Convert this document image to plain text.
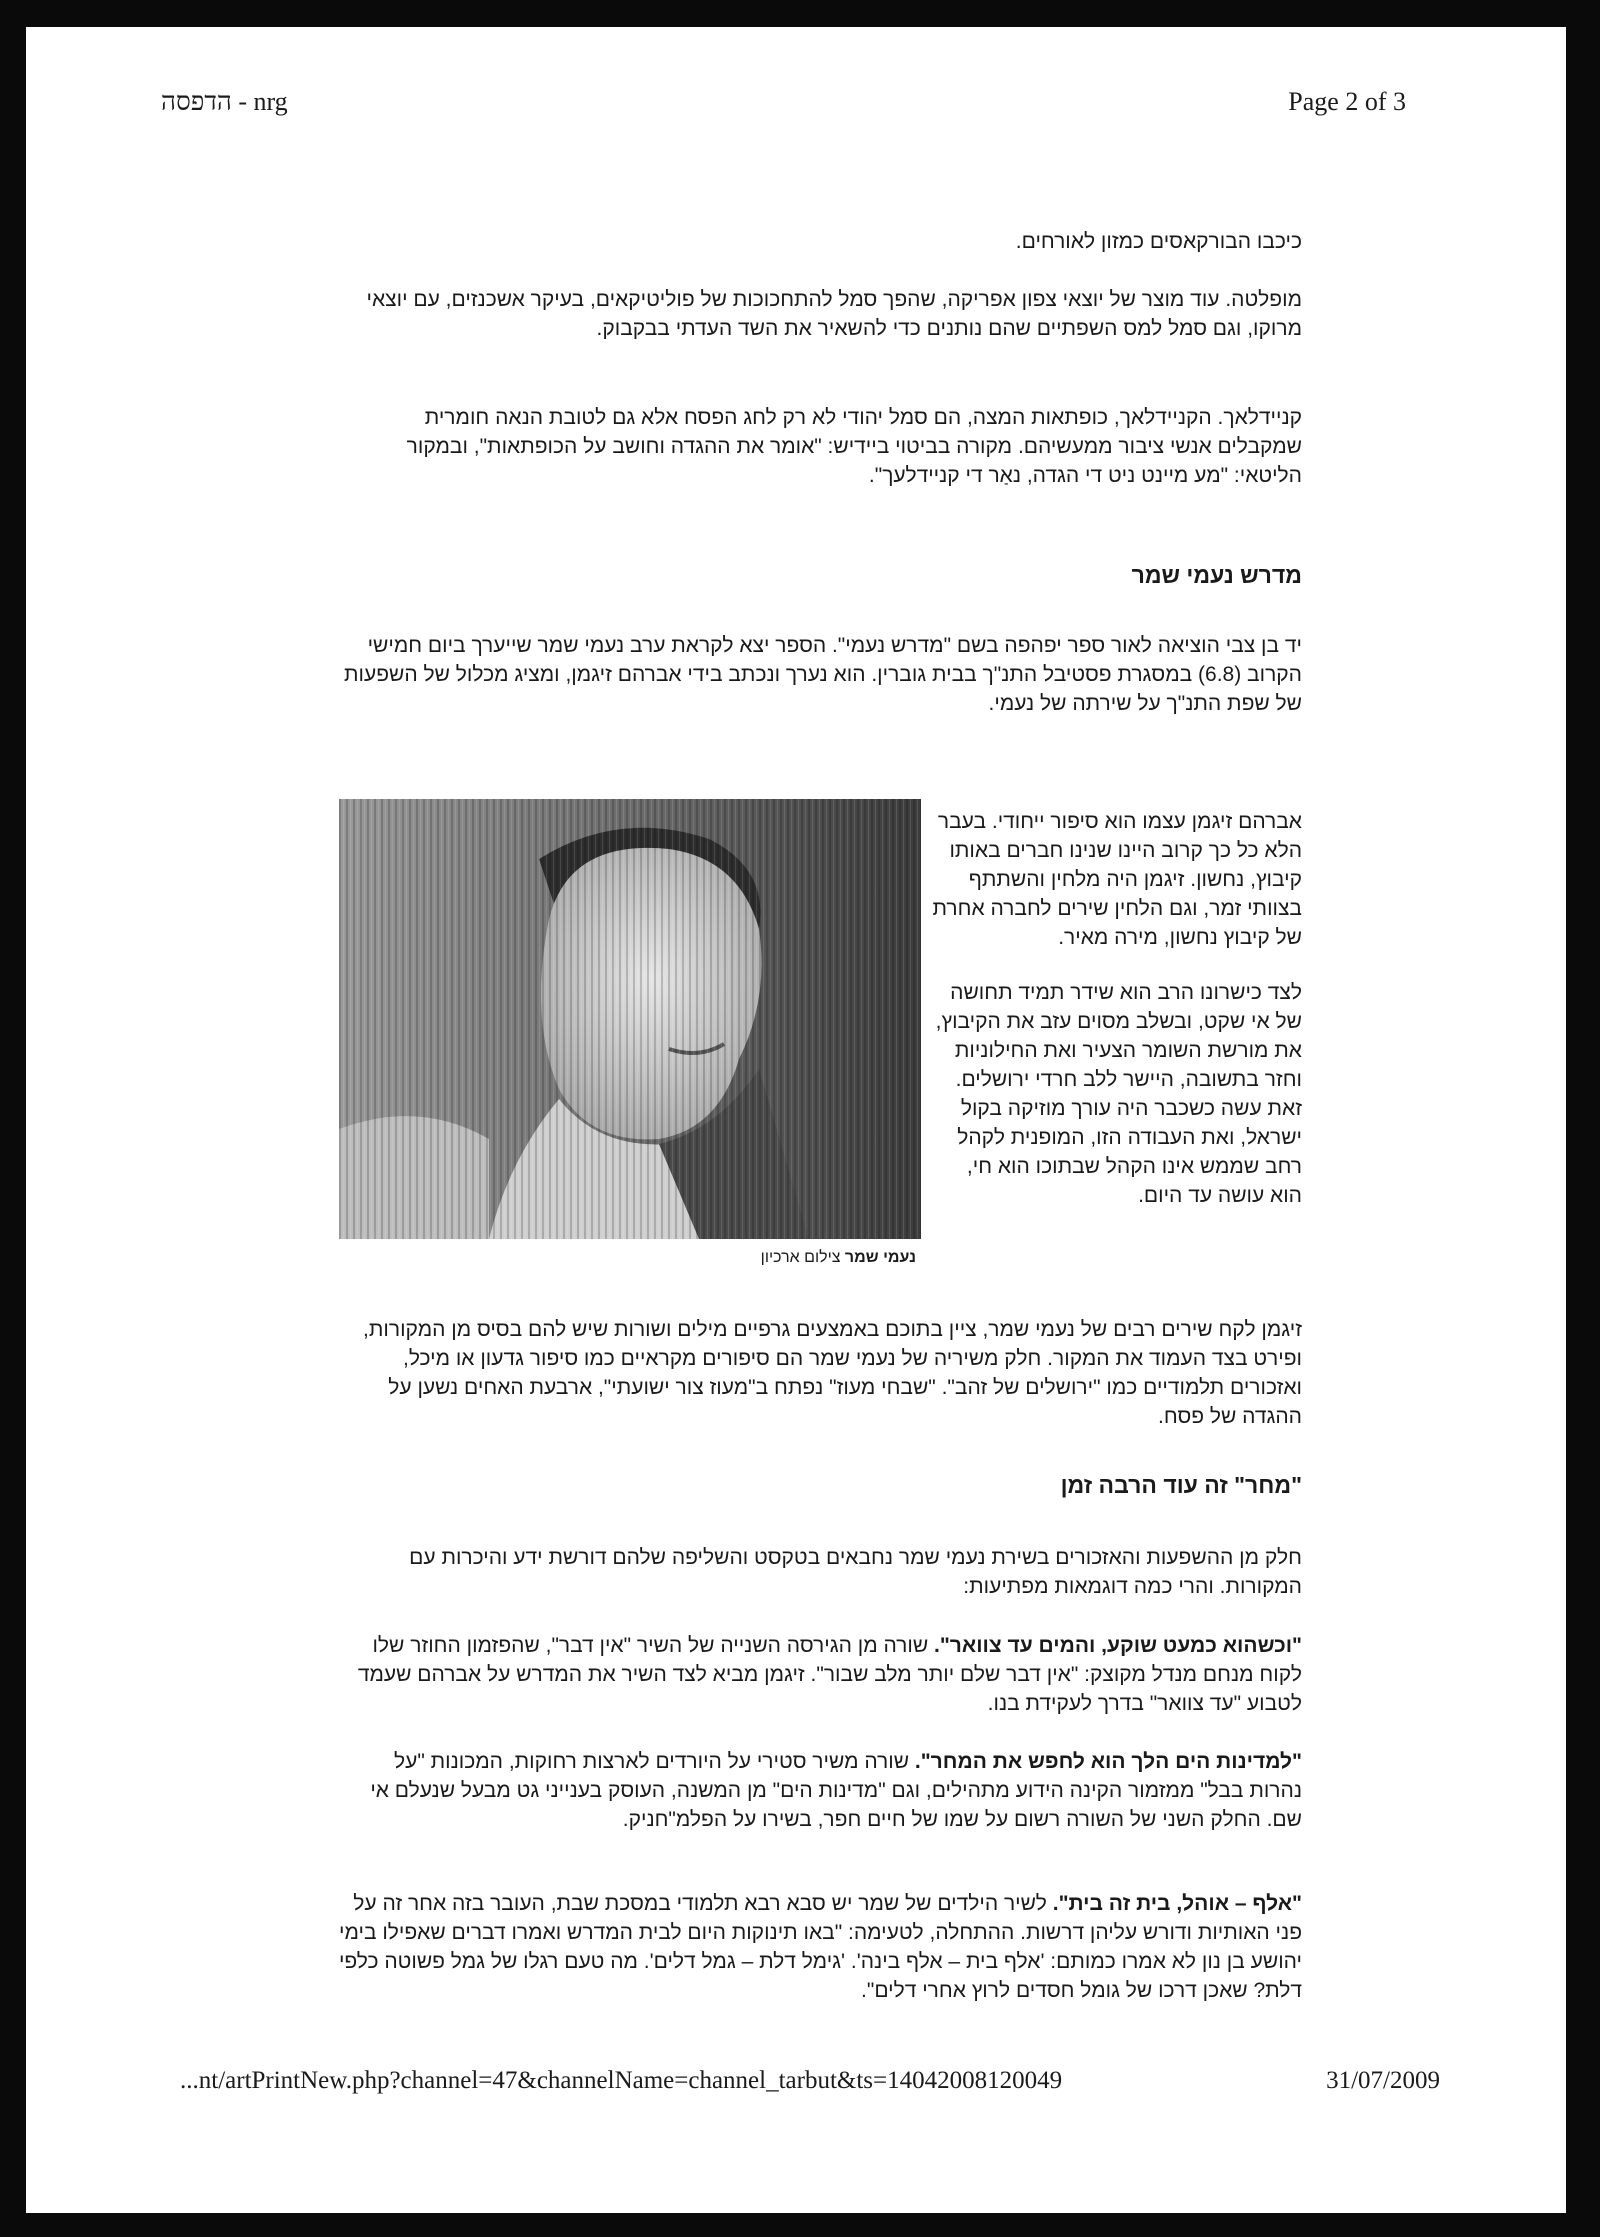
הדפסה - nrg	Page 2 of 3

כיכבו הבורקאסים כמזון לאורחים.

מופלטה. עוד מוצר של יוצאי צפון אפריקה, שהפך סמל להתחכוכות של פוליטיקאים, בעיקר אשכנזים, עם יוצאי מרוקו, וגם סמל למס השפתיים שהם נותנים כדי להשאיר את השד העדתי בבקבוק.

קניידלאך. הקניידלאך, כופתאות המצה, הם סמל יהודי לא רק לחג הפסח אלא גם לטובת הנאה חומרית שמקבלים אנשי ציבור ממעשיהם. מקורה בביטוי ביידיש: "אומר את ההגדה וחושב על הכופתאות", ובמקור הליטאי: "מע מיינט ניט די הגדה, נאַר די קניידלעך".

מדרש נעמי שמר

יד בן צבי הוציאה לאור ספר יפהפה בשם "מדרש נעמי". הספר יצא לקראת ערב נעמי שמר שייערך ביום חמישי הקרוב (6.8) במסגרת פסטיבל התנ"ך בבית גוברין. הוא נערך ונכתב בידי אברהם זיגמן, ומציג מכלול של השפעות של שפת התנ"ך על שירתה של נעמי.

נעמי שמר צילום ארכיון

אברהם זיגמן עצמו הוא סיפור ייחודי. בעבר הלא כל כך קרוב היינו שנינו חברים באותו קיבוץ, נחשון. זיגמן היה מלחין והשתתף בצוותי זמר, וגם הלחין שירים לחברה אחרת של קיבוץ נחשון, מירה מאיר.

לצד כישרונו הרב הוא שידר תמיד תחושה של אי שקט, ובשלב מסוים עזב את הקיבוץ, את מורשת השומר הצעיר ואת החילוניות וחזר בתשובה, היישר ללב חרדי ירושלים. זאת עשה כשכבר היה עורך מוזיקה בקול ישראל, ואת העבודה הזו, המופנית לקהל רחב שממש אינו הקהל שבתוכו הוא חי, הוא עושה עד היום.

זיגמן לקח שירים רבים של נעמי שמר, ציין בתוכם באמצעים גרפיים מילים ושורות שיש להם בסיס מן המקורות, ופירט בצד העמוד את המקור. חלק משיריה של נעמי שמר הם סיפורים מקראיים כמו סיפור גדעון או מיכל, ואזכורים תלמודיים כמו "ירושלים של זהב". "שבחי מעוז" נפתח ב"מעוז צור ישועתי", ארבעת האחים נשען על ההגדה של פסח.

"מחר" זה עוד הרבה זמן

חלק מן ההשפעות והאזכורים בשירת נעמי שמר נחבאים בטקסט והשליפה שלהם דורשת ידע והיכרות עם המקורות. והרי כמה דוגמאות מפתיעות:

"וכשהוא כמעט שוקע, והמים עד צוואר". שורה מן הגירסה השנייה של השיר "אין דבר", שהפזמון החוזר שלו לקוח מנחם מנדל מקוצק: "אין דבר שלם יותר מלב שבור". זיגמן מביא לצד השיר את המדרש על אברהם שעמד לטבוע "עד צוואר" בדרך לעקידת בנו.

"למדינות הים הלך הוא לחפש את המחר". שורה משיר סטירי על היורדים לארצות רחוקות, המכונות "על נהרות בבל" ממזמור הקינה הידוע מתהילים, וגם "מדינות הים" מן המשנה, העוסק בענייני גט מבעל שנעלם אי שם. החלק השני של השורה רשום על שמו של חיים חפר, בשירו על הפלמ"חניק.

"אלף – אוהל, בית זה בית". לשיר הילדים של שמר יש סבא רבא תלמודי במסכת שבת, העובר בזה אחר זה על פני האותיות ודורש עליהן דרשות. ההתחלה, לטעימה: "באו תינוקות היום לבית המדרש ואמרו דברים שאפילו בימי יהושע בן נון לא אמרו כמותם: 'אלף בית – אלף בינה'. 'גימל דלת – גמל דלים'. מה טעם רגלו של גמל פשוטה כלפי דלת? שאכן דרכו של גומל חסדים לרוץ אחרי דלים".

...nt/artPrintNew.php?channel=47&channelName=channel_tarbut&ts=14042008120049	31/07/2009
